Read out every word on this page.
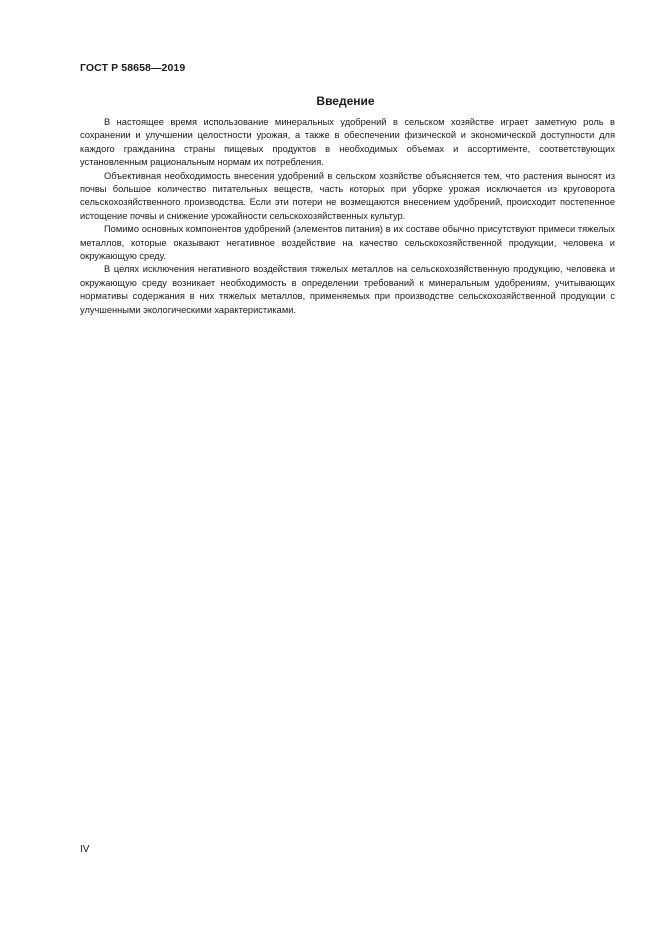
ГОСТ Р 58658—2019
Введение

В настоящее время использование минеральных удобрений в сельском хозяйстве играет заметную роль в сохранении и улучшении целостности урожая, а также в обеспечении физической и экономической доступности для каждого гражданина страны пищевых продуктов в необходимых объемах и ассортименте, соответствующих установленным рациональным нормам их потребления.

Объективная необходимость внесения удобрений в сельском хозяйстве объясняется тем, что растения выносят из почвы большое количество питательных веществ, часть которых при уборке урожая исключается из круговорота сельскохозяйственного производства. Если эти потери не возмещаются внесением удобрений, происходит постепенное истощение почвы и снижение урожайности сельскохозяйственных культур.

Помимо основных компонентов удобрений (элементов питания) в их составе обычно присутствуют примеси тяжелых металлов, которые оказывают негативное воздействие на качество сельскохозяйственной продукции, человека и окружающую среду.

В целях исключения негативного воздействия тяжелых металлов на сельскохозяйственную продукцию, человека и окружающую среду возникает необходимость в определении требований к минеральным удобрениям, учитывающих нормативы содержания в них тяжелых металлов, применяемых при производстве сельскохозяйственной продукции с улучшенными экологическими характеристиками.

IV
